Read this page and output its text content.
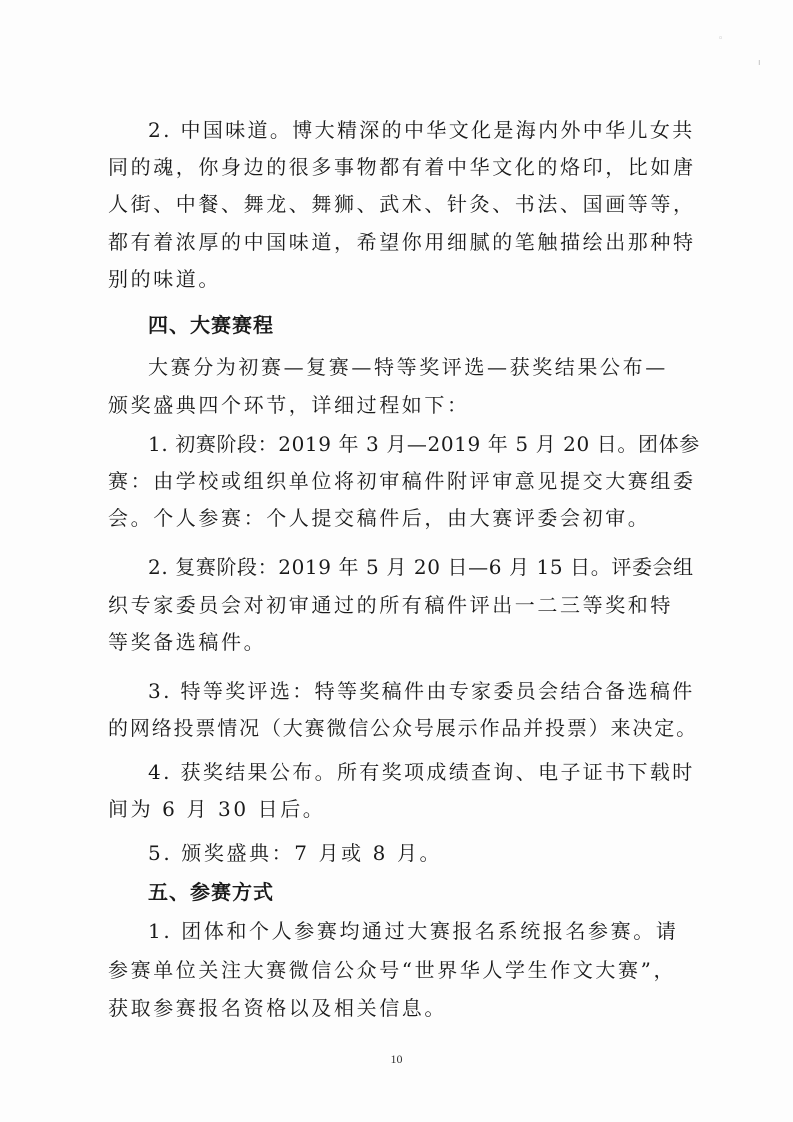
◦
ı
2. 中国味道。博大精深的中华文化是海内外中华儿女共
同的魂，你身边的很多事物都有着中华文化的烙印，比如唐
人街、中餐、舞龙、舞狮、武术、针灸、书法、国画等等，
都有着浓厚的中国味道，希望你用细腻的笔触描绘出那种特
别的味道。
四、大赛赛程
大赛分为初赛—复赛—特等奖评选—获奖结果公布—
颁奖盛典四个环节，详细过程如下：
1. 初赛阶段：2019 年 3 月—2019 年 5 月 20 日。团体参
赛：由学校或组织单位将初审稿件附评审意见提交大赛组委
会。个人参赛：个人提交稿件后，由大赛评委会初审。
2. 复赛阶段：2019 年 5 月 20 日—6 月 15 日。评委会组
织专家委员会对初审通过的所有稿件评出一二三等奖和特
等奖备选稿件。
3. 特等奖评选：特等奖稿件由专家委员会结合备选稿件
的网络投票情况（大赛微信公众号展示作品并投票）来决定。
4. 获奖结果公布。所有奖项成绩查询、电子证书下载时
间为 6 月 30 日后。
5. 颁奖盛典：7 月或 8 月。
五、参赛方式
1. 团体和个人参赛均通过大赛报名系统报名参赛。请
参赛单位关注大赛微信公众号“世界华人学生作文大赛”，
获取参赛报名资格以及相关信息。
10
